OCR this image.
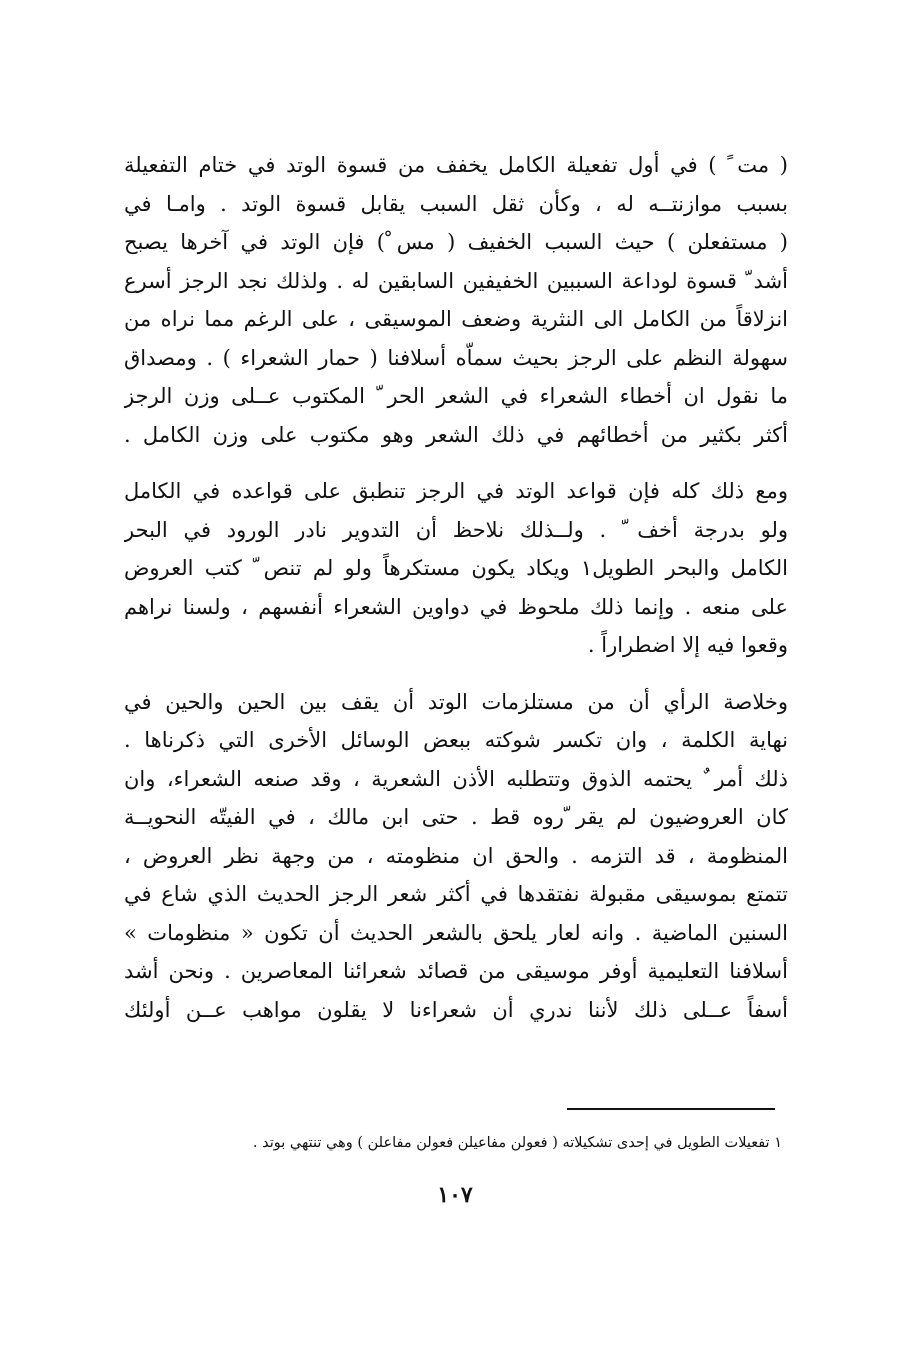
( مت ً ) في أول تفعيلة الكامل يخفف من قسوة الوتد في ختام التفعيلة
بسبب موازنتــه له ، وكأن ثقل السبب يقابل قسوة الوتد . وامـا في
( مستفعلن ) حيث السبب الخفيف ( مس ْ) فإن الوتد في آخرها يصبح
أشد ّ قسوة لوداعة السببين الخفيفين السابقين له . ولذلك نجد الرجز أسرع
انزلاقاً من الكامل الى النثرية وضعف الموسيقى ، على الرغم مما نراه من
سهولة النظم على الرجز بحيث سماّه أسلافنا ( حمار الشعراء ) . ومصداق
ما نقول ان أخطاء الشعراء في الشعر الحر ّ المكتوب عــلى وزن الرجز
أكثر بكثير من أخطائهم في ذلك الشعر وهو مكتوب على وزن الكامل .

ومع ذلك كله فإن قواعد الوتد في الرجز تنطبق على قواعده في الكامل
ولو بدرجة أخف ّ . ولــذلك نلاحظ أن التدوير نادر الورود في البحر
الكامل والبحر الطويل١ ويكاد يكون مستكرهاً ولو لم تنص ّ كتب العروض
على منعه . وإنما ذلك ملحوظ في دواوين الشعراء أنفسهم ، ولسنا نراهم
وقعوا فيه إلا اضطراراً .

وخلاصة الرأي أن من مستلزمات الوتد أن يقف بين الحين والحين في
نهاية الكلمة ، وان تكسر شوكته ببعض الوسائل الأخرى التي ذكرناها .
ذلك أمر ٌ يحتمه الذوق وتتطلبه الأذن الشعرية ، وقد صنعه الشعراء، وان
كان العروضيون لم يقر ّروه قط . حتى ابن مالك ، في الفيتّه النحويــة
المنظومة ، قد التزمه . والحق ان منظومته ، من وجهة نظر العروض ،
تتمتع بموسيقى مقبولة نفتقدها في أكثر شعر الرجز الحديث الذي شاع في
السنين الماضية . وانه لعار يلحق بالشعر الحديث أن تكون « منظومات »
أسلافنا التعليمية أوفر موسيقى من قصائد شعرائنا المعاصرين . ونحن أشد
أسفاً عــلى ذلك لأننا ندري أن شعراءنا لا يقلون مواهب عــن أولئك

١ تفعيلات الطويل في إحدى تشكيلاته ( فعولن مفاعيلن فعولن مفاعلن ) وهي تنتهي بوتد .
١٠٧
